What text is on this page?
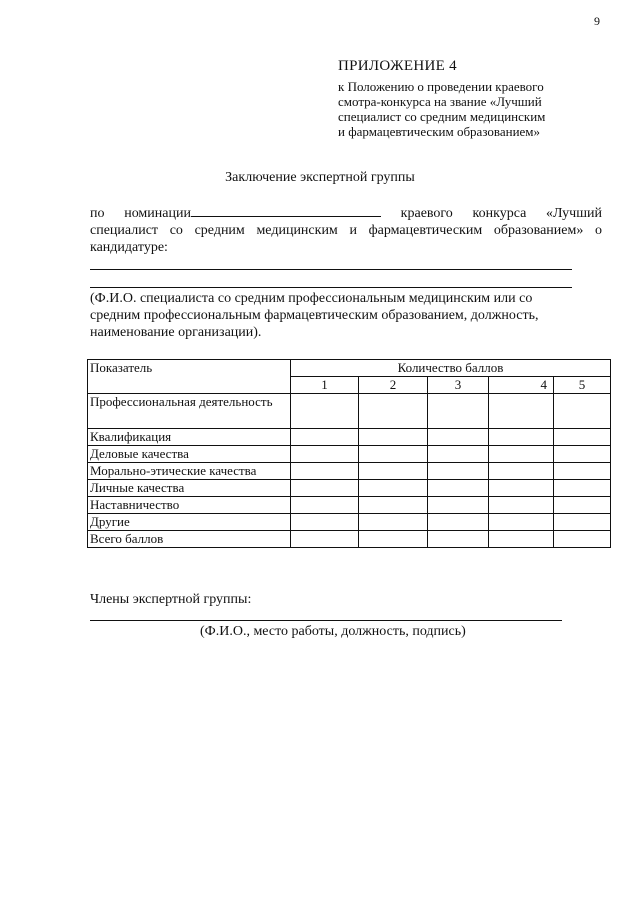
9
ПРИЛОЖЕНИЕ 4
к Положению о проведении краевого
смотра-конкурса на звание «Лучший
специалист со средним медицинским
и фармацевтическим образованием»
Заключение экспертной группы
по номинации	краевого конкурса «Лучший
специалист со средним медицинским и фармацевтическим образованием» о
кандидатуре:
(Ф.И.О. специалиста со средним профессиональным медицинским или со
средним профессиональным фармацевтическим образованием, должность,
наименование организации).
Показатель	Количество баллов				
	1	2	3	4	5
Профессиональная деятельность					
Квалификация					
Деловые качества					
Морально-этические качества					
Личные качества					
Наставничество					
Другие					
Всего баллов					
Члены экспертной группы:
(Ф.И.О., место работы, должность, подпись)
